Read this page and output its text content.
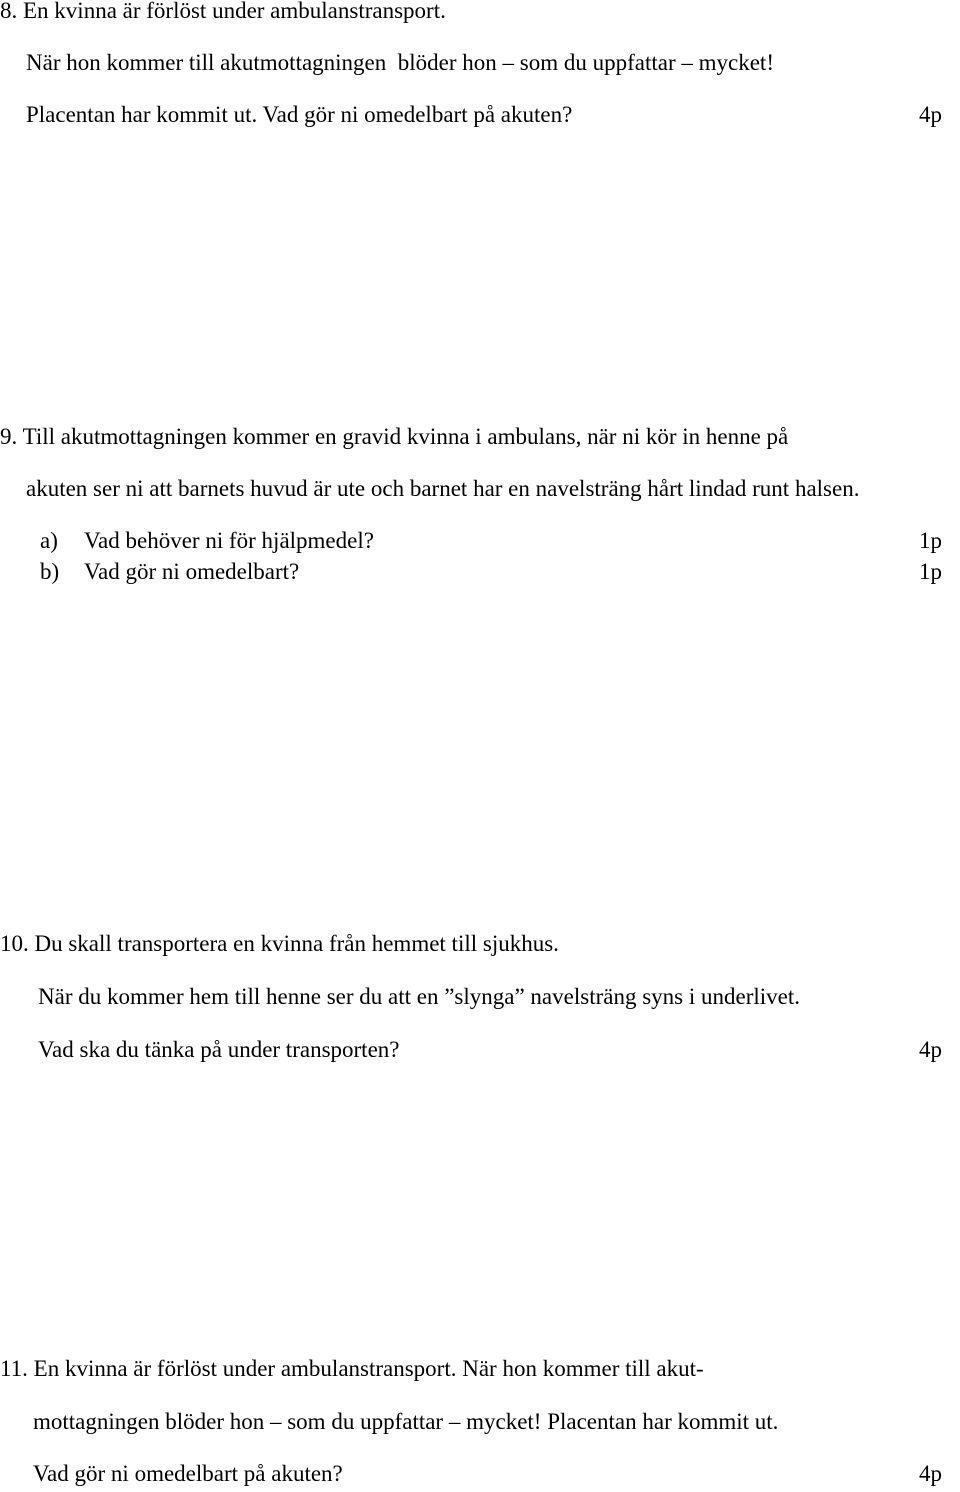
8. En kvinna är förlöst under ambulanstransport.
När hon kommer till akutmottagningen  blöder hon – som du uppfattar – mycket!
Placentan har kommit ut. Vad gör ni omedelbart på akuten?	4p
9. Till akutmottagningen kommer en gravid kvinna i ambulans, när ni kör in henne på
akuten ser ni att barnets huvud är ute och barnet har en navelsträng hårt lindad runt halsen.
a) Vad behöver ni för hjälpmedel?	1p
b) Vad gör ni omedelbart?	1p
10. Du skall transportera en kvinna från hemmet till sjukhus.
När du kommer hem till henne ser du att en ”slynga” navelsträng syns i underlivet.
Vad ska du tänka på under transporten?	4p
11. En kvinna är förlöst under ambulanstransport. När hon kommer till akut-
mottagningen blöder hon – som du uppfattar – mycket! Placentan har kommit ut.
Vad gör ni omedelbart på akuten?	4p
